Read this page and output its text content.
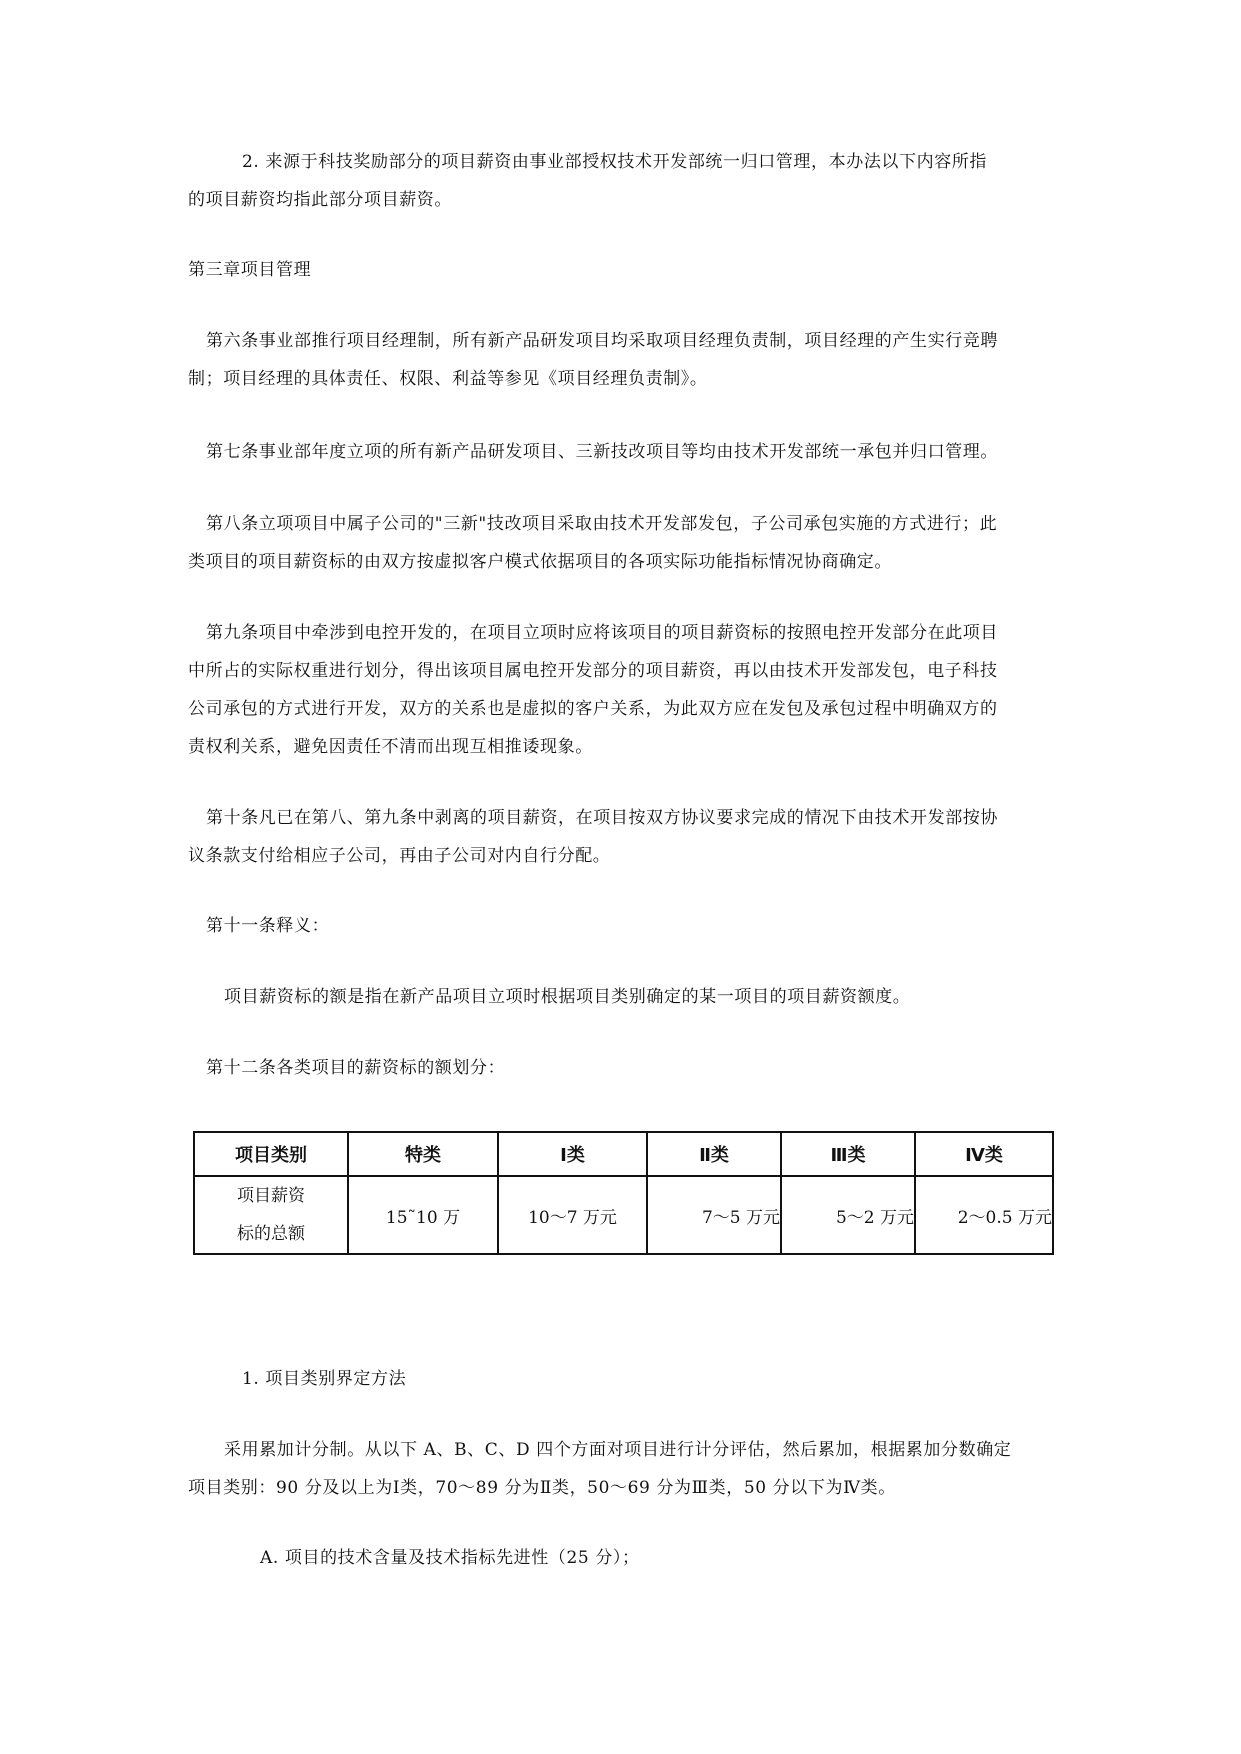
2. 来源于科技奖励部分的项目薪资由事业部授权技术开发部统一归口管理，本办法以下内容所指
的项目薪资均指此部分项目薪资。
第三章项目管理
第六条事业部推行项目经理制，所有新产品研发项目均采取项目经理负责制，项目经理的产生实行竞聘
制；项目经理的具体责任、权限、利益等参见《项目经理负责制》。
第七条事业部年度立项的所有新产品研发项目、三新技改项目等均由技术开发部统一承包并归口管理。
第八条立项项目中属子公司的"三新"技改项目采取由技术开发部发包，子公司承包实施的方式进行；此
类项目的项目薪资标的由双方按虚拟客户模式依据项目的各项实际功能指标情况协商确定。
第九条项目中牵涉到电控开发的，在项目立项时应将该项目的项目薪资标的按照电控开发部分在此项目
中所占的实际权重进行划分，得出该项目属电控开发部分的项目薪资，再以由技术开发部发包，电子科技
公司承包的方式进行开发，双方的关系也是虚拟的客户关系，为此双方应在发包及承包过程中明确双方的
责权利关系，避免因责任不清而出现互相推诿现象。
第十条凡已在第八、第九条中剥离的项目薪资，在项目按双方协议要求完成的情况下由技术开发部按协
议条款支付给相应子公司，再由子公司对内自行分配。
第十一条释义：
项目薪资标的额是指在新产品项目立项时根据项目类别确定的某一项目的项目薪资额度。
第十二条各类项目的薪资标的额划分：
项目类别	特类	Ⅰ类	Ⅱ类	Ⅲ类	Ⅳ类

项目薪资
标的总额	15˜10 万	10～7 万元	7～5 万元	5～2 万元	2～0.5 万元
1. 项目类别界定方法
采用累加计分制。从以下 A、B、C、D 四个方面对项目进行计分评估，然后累加，根据累加分数确定
项目类别：90 分及以上为Ⅰ类，70～89 分为Ⅱ类，50～69 分为Ⅲ类，50 分以下为Ⅳ类。
A. 项目的技术含量及技术指标先进性（25 分）；
